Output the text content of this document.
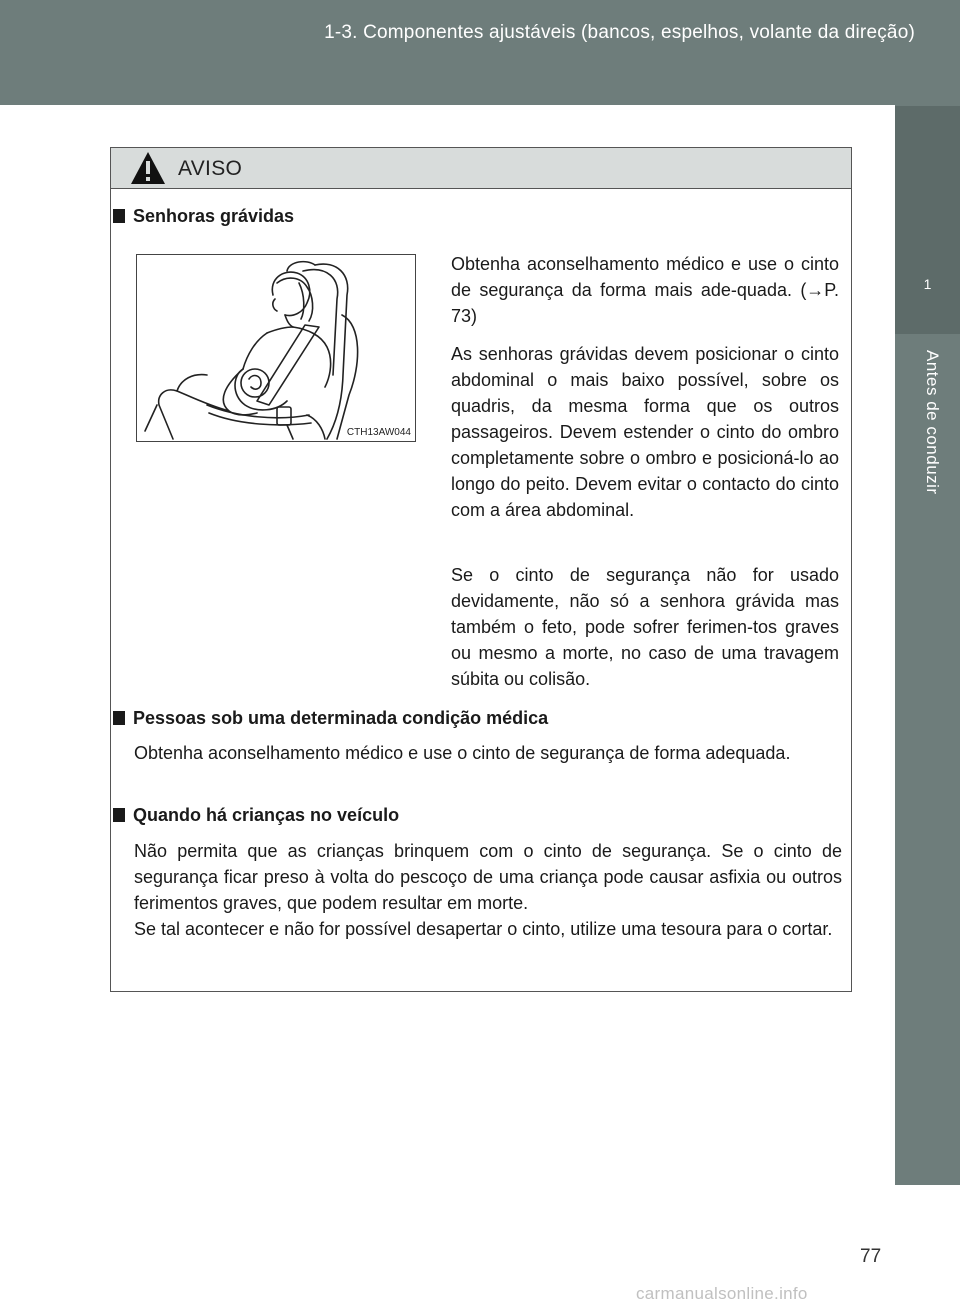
1-3. Componentes ajustáveis (bancos, espelhos, volante da direção)
1
Antes de conduzir
AVISO
Senhoras grávidas
CTH13AW044

Obtenha aconselhamento médico e use o cinto de segurança da forma mais ade-quada. (→P. 73)

As senhoras grávidas devem posicionar o cinto abdominal o mais baixo possível, sobre os quadris, da mesma forma que os outros passageiros. Devem estender o cinto do ombro completamente sobre o ombro e posicioná-lo ao longo do peito. Devem evitar o contacto do cinto com a área abdominal.

Se o cinto de segurança não for usado devidamente, não só a senhora grávida mas também o feto, pode sofrer ferimen-tos graves ou mesmo a morte, no caso de uma travagem súbita ou colisão.

Pessoas sob uma determinada condição médica

Obtenha aconselhamento médico e use o cinto de segurança de forma adequada.

Quando há crianças no veículo

Não permita que as crianças brinquem com o cinto de segurança. Se o cinto de segurança ficar preso à volta do pescoço de uma criança pode causar asfixia ou outros ferimentos graves, que podem resultar em morte.

Se tal acontecer e não for possível desapertar o cinto, utilize uma tesoura para o cortar.

77
carmanualsonline.info
